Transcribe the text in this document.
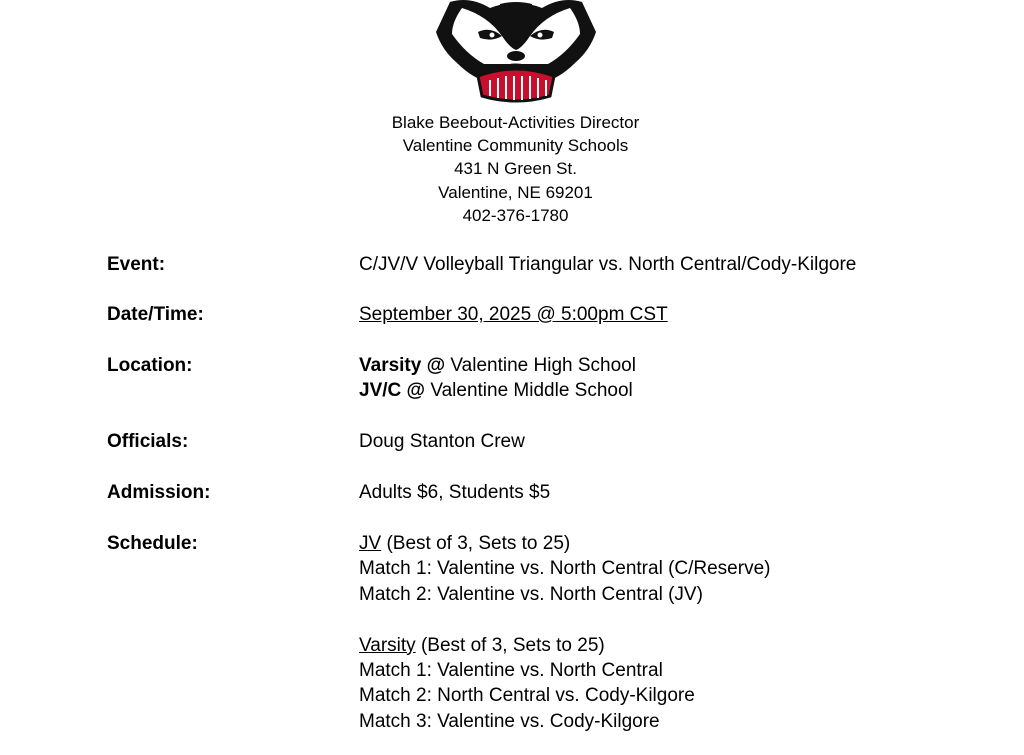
Blake Beebout-Activities Director
Valentine Community Schools
431 N Green St.
Valentine, NE 69201
402-376-1780
Event:	C/JV/V Volleyball Triangular vs. North Central/Cody-Kilgore
Date/Time:	September 30, 2025 @ 5:00pm CST
Location:	Varsity @ Valentine High School
JV/C @ Valentine Middle School
Officials:	Doug Stanton Crew
Admission:	Adults $6, Students $5
Schedule:	JV (Best of 3, Sets to 25)
Match 1: Valentine vs. North Central (C/Reserve)
Match 2: Valentine vs. North Central (JV)
Varsity (Best of 3, Sets to 25)
Match 1: Valentine vs. North Central
Match 2: North Central vs. Cody-Kilgore
Match 3: Valentine vs. Cody-Kilgore
